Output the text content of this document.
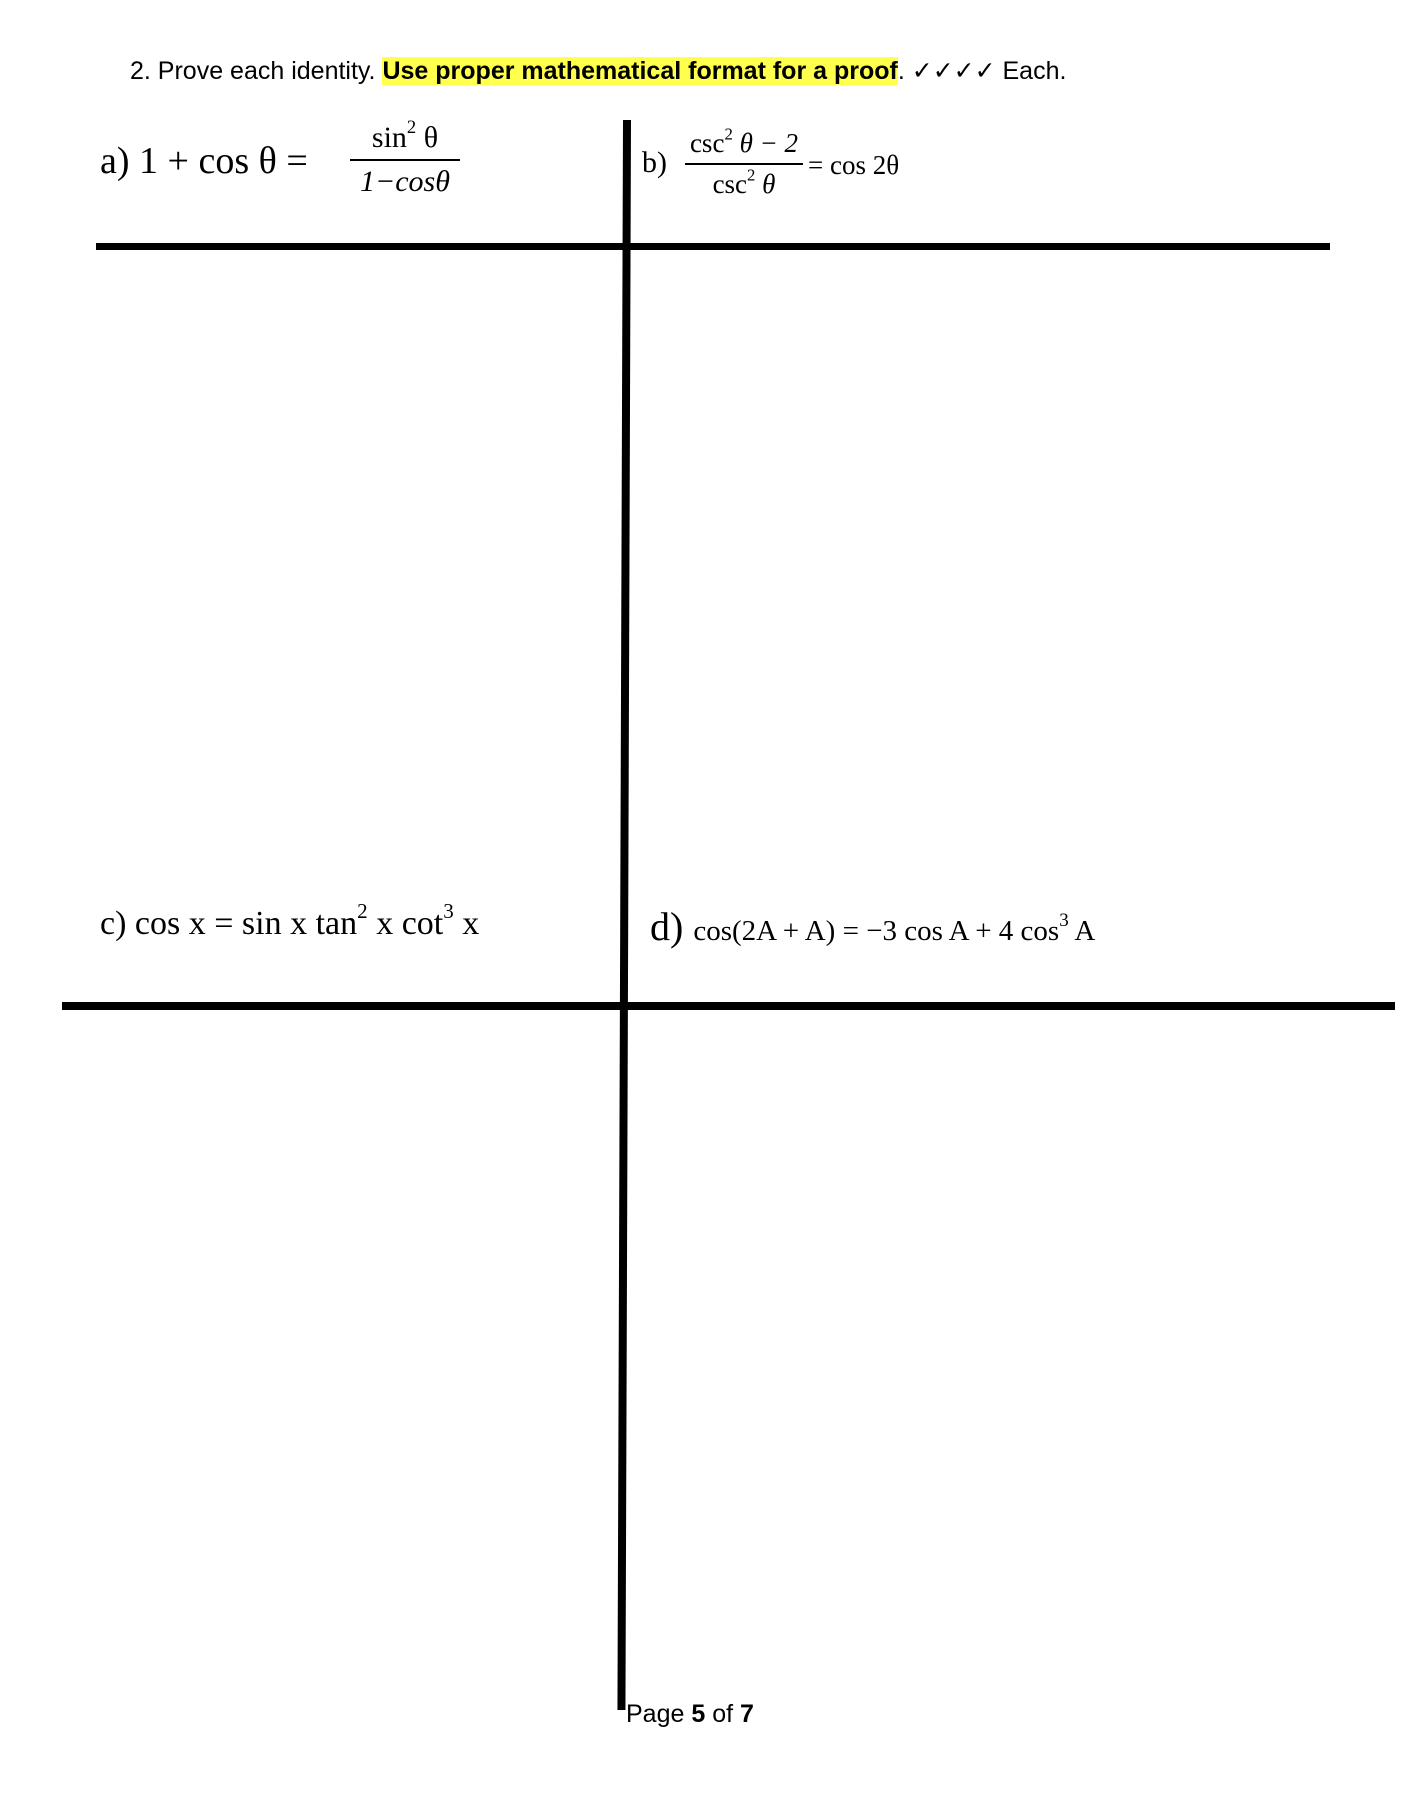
2. Prove each identity. Use proper mathematical format for a proof. ✓✓✓✓ Each.
a) 1 + cos θ =
$\sin^2 \theta$
1−cosθ
b)
$\csc^2 \theta - 2$
$\csc^2 \theta$
= cos 2θ
c) cos x = sin x $\tan^2 x$ $\cot^3 x$	d) cos(2A + A) = −3 cos A + 4 $\cos^3 A$
Page 5 of 7
